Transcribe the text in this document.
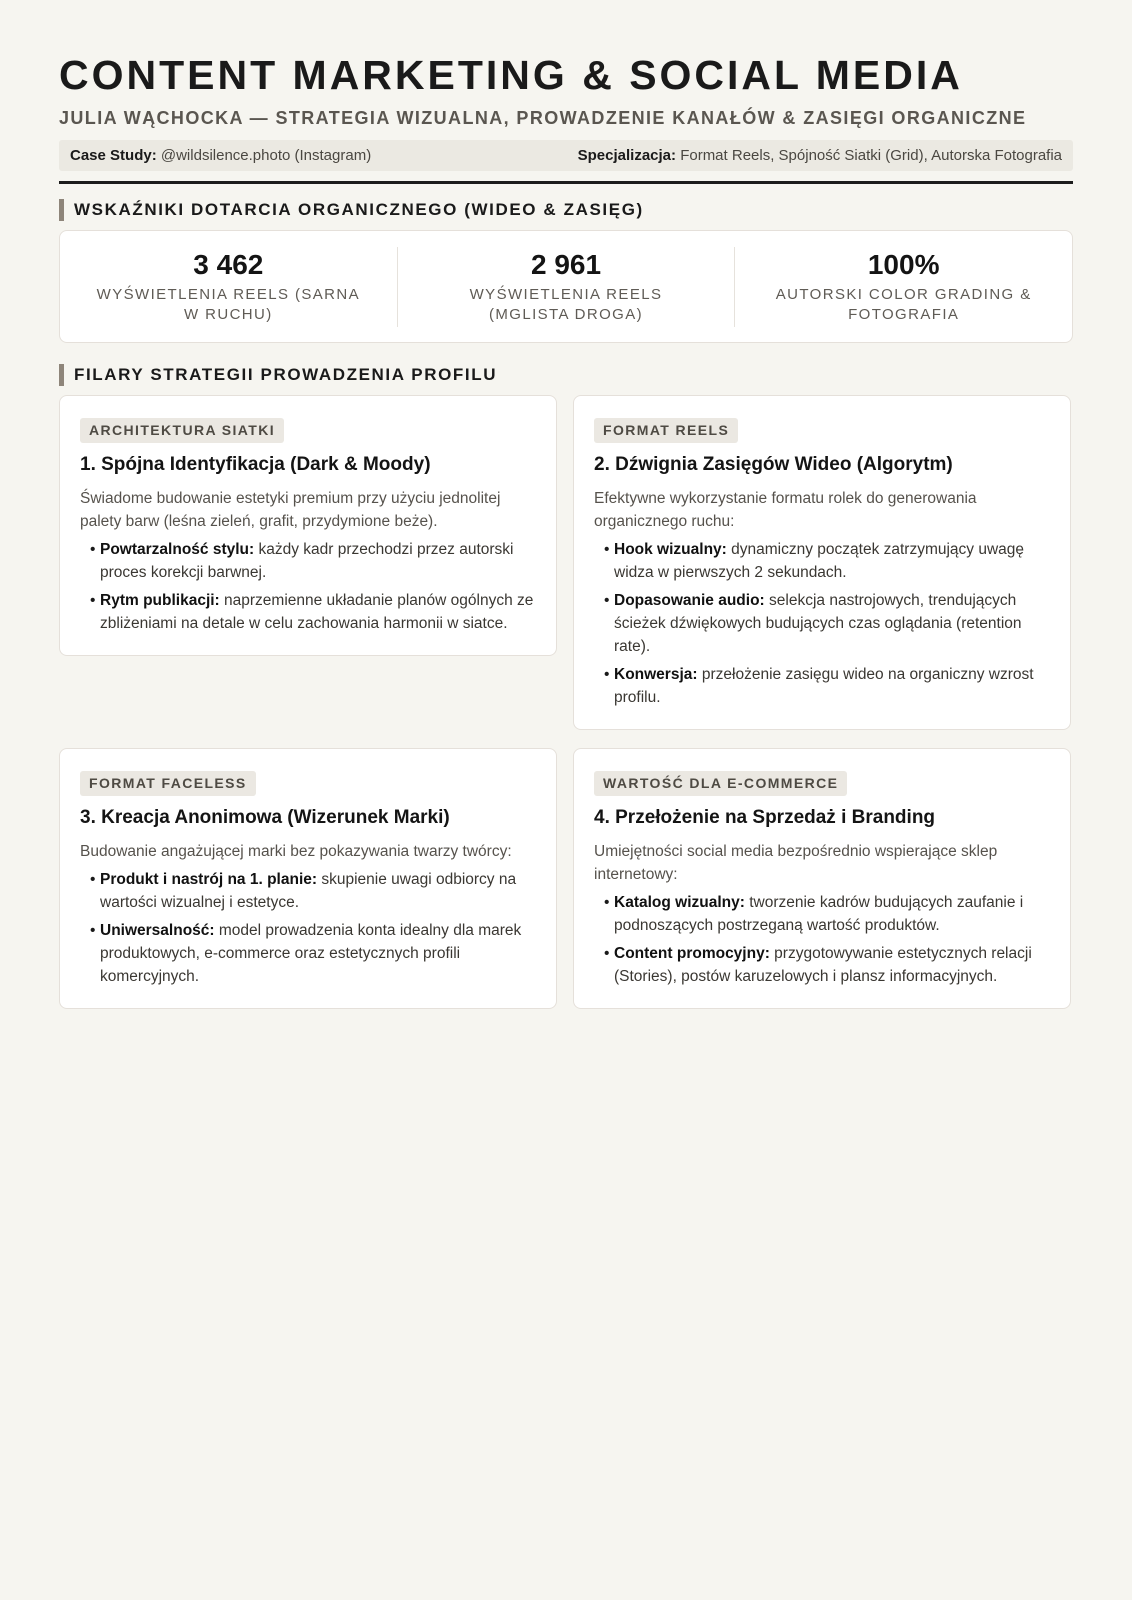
CONTENT MARKETING & SOCIAL MEDIA
JULIA WĄCHOCKA — STRATEGIA WIZUALNA, PROWADZENIE KANAŁÓW & ZASIĘGI ORGANICZNE
Case Study: @wildsilence.photo (Instagram)	Specjalizacja: Format Reels, Spójność Siatki (Grid), Autorska Fotografia
WSKAŹNIKI DOTARCIA ORGANICZNEGO (WIDEO & ZASIĘG)
3 462
WYŚWIETLENIA REELS (SARNA W RUCHU)
2 961
WYŚWIETLENIA REELS (MGLISTA DROGA)
100%
AUTORSKI COLOR GRADING & FOTOGRAFIA
FILARY STRATEGII PROWADZENIA PROFILU
ARCHITEKTURA SIATKI
1. Spójna Identyfikacja (Dark & Moody)
Świadome budowanie estetyki premium przy użyciu jednolitej palety barw (leśna zieleń, grafit, przydymione beże).
• Powtarzalność stylu: każdy kadr przechodzi przez autorski proces korekcji barwnej.
• Rytm publikacji: naprzemienne układanie planów ogólnych ze zbliżeniami na detale w celu zachowania harmonii w siatce.
FORMAT REELS
2. Dźwignia Zasięgów Wideo (Algorytm)
Efektywne wykorzystanie formatu rolek do generowania organicznego ruchu:
• Hook wizualny: dynamiczny początek zatrzymujący uwagę widza w pierwszych 2 sekundach.
• Dopasowanie audio: selekcja nastrojowych, trendujących ścieżek dźwiękowych budujących czas oglądania (retention rate).
• Konwersja: przełożenie zasięgu wideo na organiczny wzrost profilu.
FORMAT FACELESS
3. Kreacja Anonimowa (Wizerunek Marki)
Budowanie angażującej marki bez pokazywania twarzy twórcy:
• Produkt i nastrój na 1. planie: skupienie uwagi odbiorcy na wartości wizualnej i estetyce.
• Uniwersalność: model prowadzenia konta idealny dla marek produktowych, e-commerce oraz estetycznych profili komercyjnych.
WARTOŚĆ DLA E-COMMERCE
4. Przełożenie na Sprzedaż i Branding
Umiejętności social media bezpośrednio wspierające sklep internetowy:
• Katalog wizualny: tworzenie kadrów budujących zaufanie i podnoszących postrzeganą wartość produktów.
• Content promocyjny: przygotowywanie estetycznych relacji (Stories), postów karuzelowych i plansz informacyjnych.
